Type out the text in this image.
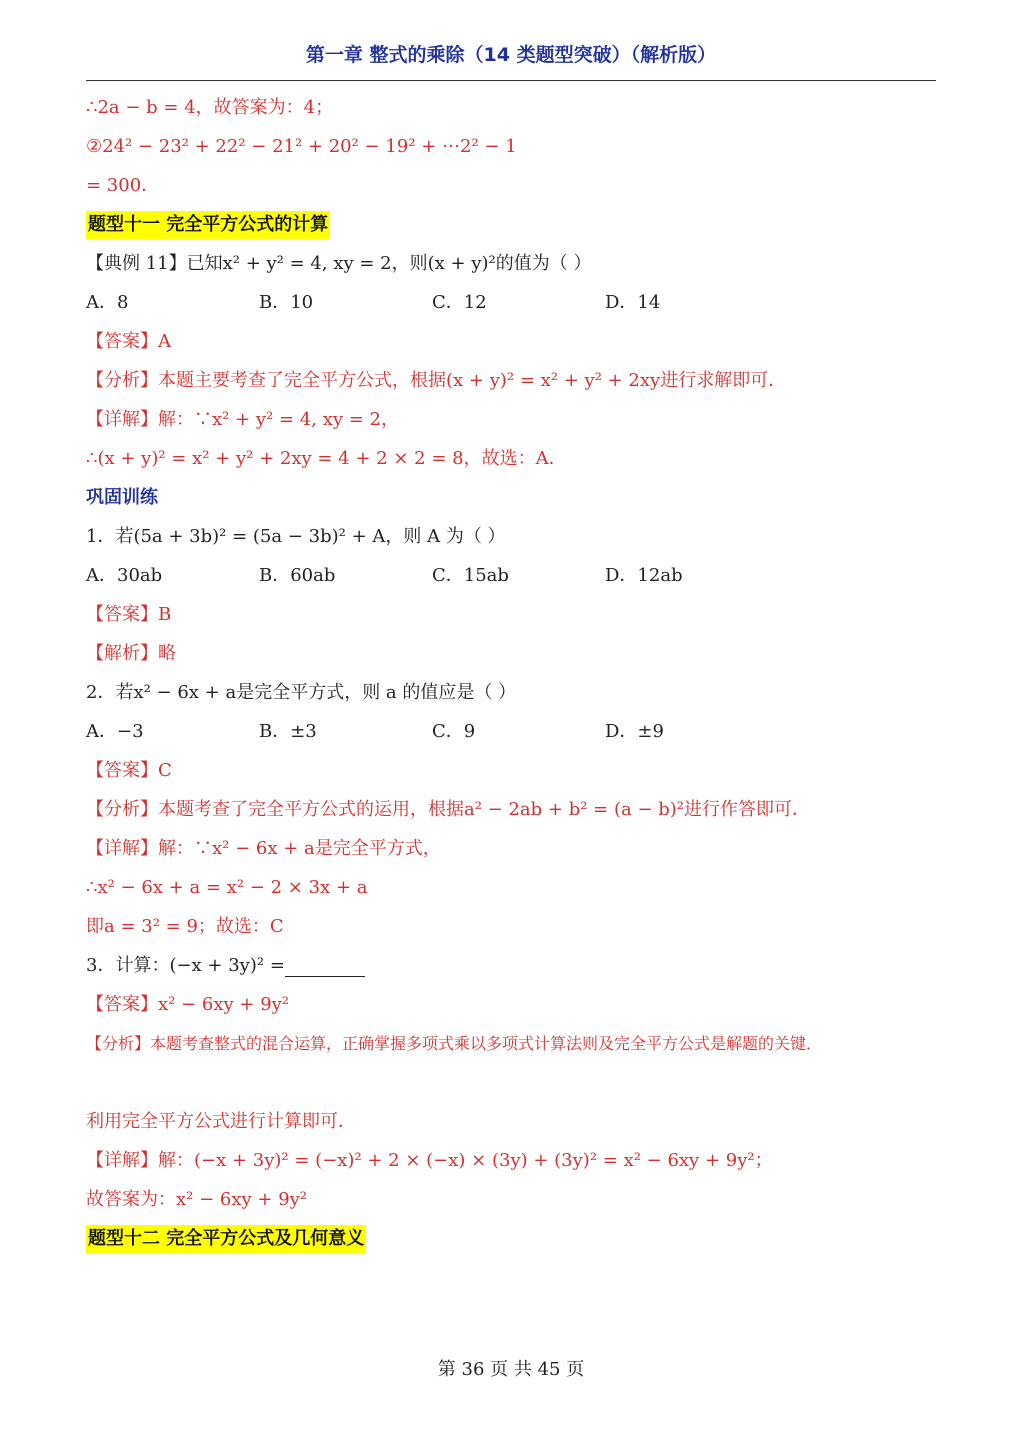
第一章 整式的乘除（14 类题型突破）（解析版）
∴2a − b = 4，故答案为：4；
②24² − 23² + 22² − 21² + 20² − 19² + ⋯2² − 1
= 300．
题型十一 完全平方公式的计算
【典例 11】已知x² + y² = 4, xy = 2，则(x + y)²的值为（ ）
A．8	B．10	C．12	D．14
【答案】A
【分析】本题主要考查了完全平方公式，根据(x + y)² = x² + y² + 2xy进行求解即可．
【详解】解：∵x² + y² = 4, xy = 2，
∴(x + y)² = x² + y² + 2xy = 4 + 2 × 2 = 8，故选：A．
巩固训练
1．若(5a + 3b)² = (5a − 3b)² + A，则 A 为（ ）
A．30ab	B．60ab	C．15ab	D．12ab
【答案】B
【解析】略
2．若x² − 6x + a是完全平方式，则 a 的值应是（ ）
A．−3	B．±3	C．9	D．±9
【答案】C
【分析】本题考查了完全平方公式的运用，根据a² − 2ab + b² = (a − b)²进行作答即可．
【详解】解：∵x² − 6x + a是完全平方式，
∴x² − 6x + a = x² − 2 × 3x + a
即a = 3² = 9；故选：C
3．计算：(−x + 3y)² =
【答案】x² − 6xy + 9y²
【分析】本题考查整式的混合运算，正确掌握多项式乘以多项式计算法则及完全平方公式是解题的关键．
利用完全平方公式进行计算即可．
【详解】解：(−x + 3y)² = (−x)² + 2 × (−x) × (3y) + (3y)² = x² − 6xy + 9y²；
故答案为：x² − 6xy + 9y²
题型十二 完全平方公式及几何意义
第 36 页 共 45 页
